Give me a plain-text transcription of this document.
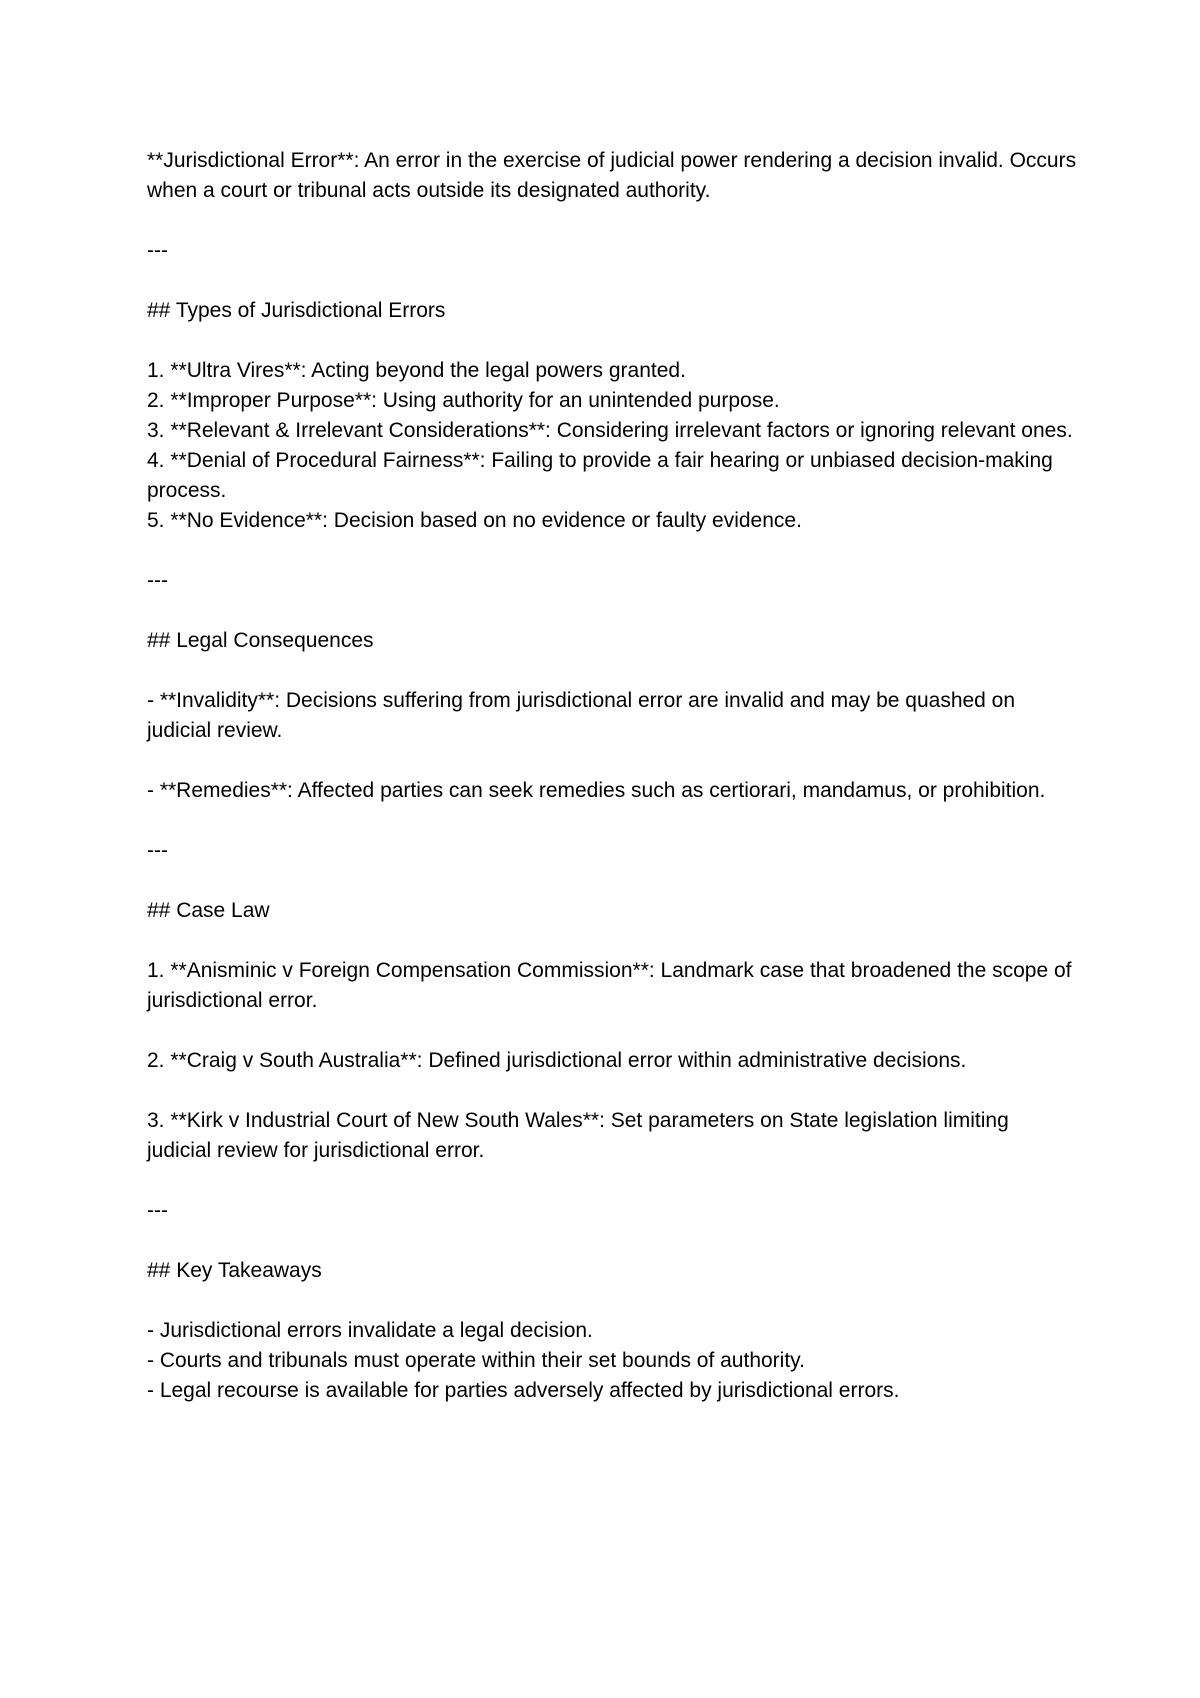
**Jurisdictional Error**: An error in the exercise of judicial power rendering a decision invalid. Occurs when a court or tribunal acts outside its designated authority.

---

## Types of Jurisdictional Errors

1. **Ultra Vires**: Acting beyond the legal powers granted.
2. **Improper Purpose**: Using authority for an unintended purpose.
3. **Relevant & Irrelevant Considerations**: Considering irrelevant factors or ignoring relevant ones.
4. **Denial of Procedural Fairness**: Failing to provide a fair hearing or unbiased decision-making process.
5. **No Evidence**: Decision based on no evidence or faulty evidence.

---

## Legal Consequences

- **Invalidity**: Decisions suffering from jurisdictional error are invalid and may be quashed on judicial review.

- **Remedies**: Affected parties can seek remedies such as certiorari, mandamus, or prohibition.

---

## Case Law

1. **Anisminic v Foreign Compensation Commission**: Landmark case that broadened the scope of jurisdictional error.

2. **Craig v South Australia**: Defined jurisdictional error within administrative decisions.

3. **Kirk v Industrial Court of New South Wales**: Set parameters on State legislation limiting judicial review for jurisdictional error.

---

## Key Takeaways

- Jurisdictional errors invalidate a legal decision.
- Courts and tribunals must operate within their set bounds of authority.
- Legal recourse is available for parties adversely affected by jurisdictional errors.
